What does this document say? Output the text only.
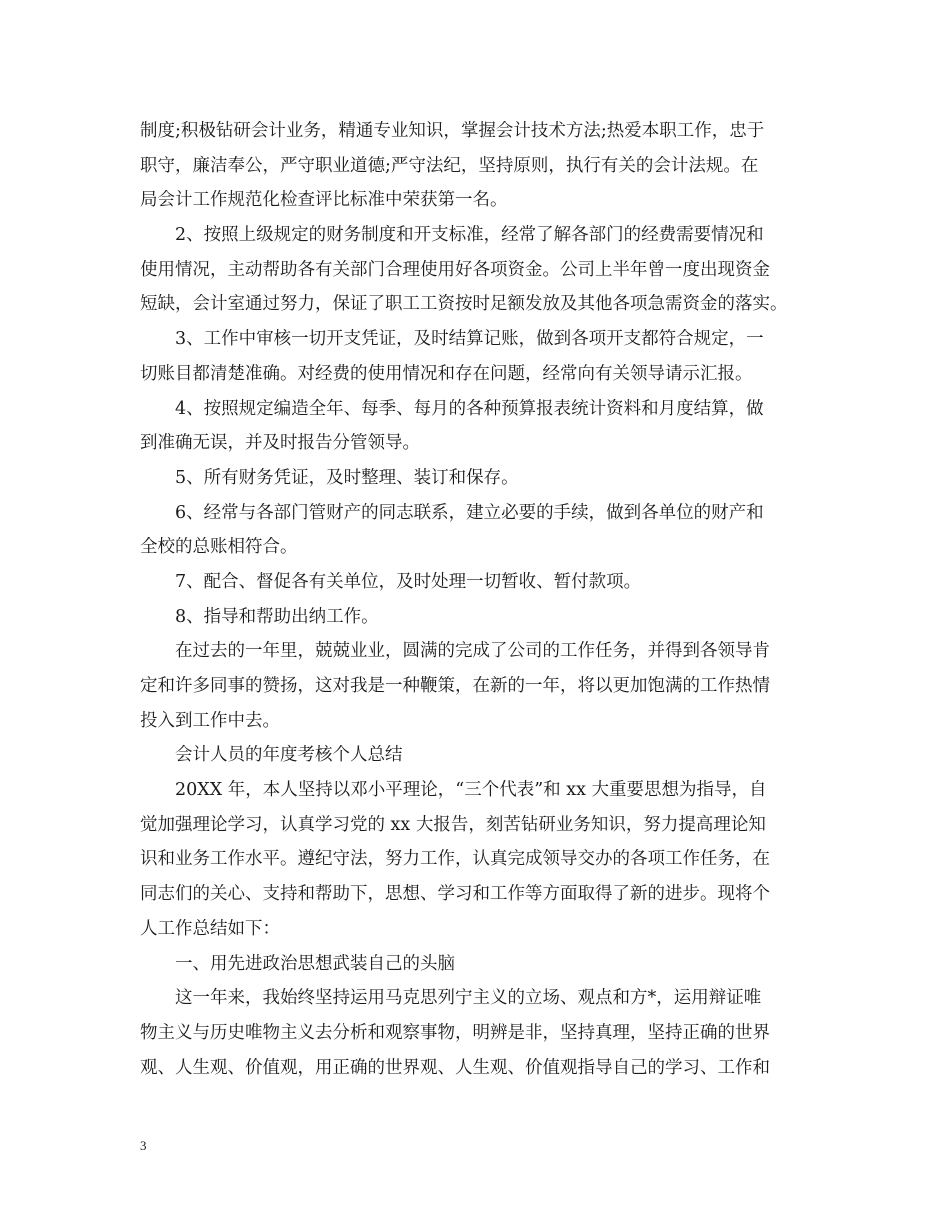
制度;积极钻研会计业务，精通专业知识，掌握会计技术方法;热爱本职工作，忠于

职守，廉洁奉公，严守职业道德;严守法纪，坚持原则，执行有关的会计法规。在

局会计工作规范化检查评比标准中荣获第一名。

2、按照上级规定的财务制度和开支标准，经常了解各部门的经费需要情况和

使用情况，主动帮助各有关部门合理使用好各项资金。公司上半年曾一度出现资金

短缺，会计室通过努力，保证了职工工资按时足额发放及其他各项急需资金的落实。

3、工作中审核一切开支凭证，及时结算记账，做到各项开支都符合规定，一

切账目都清楚准确。对经费的使用情况和存在问题，经常向有关领导请示汇报。

4、按照规定编造全年、每季、每月的各种预算报表统计资料和月度结算，做

到准确无误，并及时报告分管领导。

5、所有财务凭证，及时整理、装订和保存。

6、经常与各部门管财产的同志联系，建立必要的手续，做到各单位的财产和

全校的总账相符合。

7、配合、督促各有关单位，及时处理一切暂收、暂付款项。

8、指导和帮助出纳工作。

在过去的一年里，兢兢业业，圆满的完成了公司的工作任务，并得到各领导肯

定和许多同事的赞扬，这对我是一种鞭策，在新的一年，将以更加饱满的工作热情

投入到工作中去。

会计人员的年度考核个人总结

20XX 年，本人坚持以邓小平理论，“三个代表”和 xx 大重要思想为指导，自

觉加强理论学习，认真学习党的 xx 大报告，刻苦钻研业务知识，努力提高理论知

识和业务工作水平。遵纪守法，努力工作，认真完成领导交办的各项工作任务，在

同志们的关心、支持和帮助下，思想、学习和工作等方面取得了新的进步。现将个

人工作总结如下：

一、用先进政治思想武装自己的头脑

这一年来，我始终坚持运用马克思列宁主义的立场、观点和方*，运用辩证唯

物主义与历史唯物主义去分析和观察事物，明辨是非，坚持真理，坚持正确的世界

观、人生观、价值观，用正确的世界观、人生观、价值观指导自己的学习、工作和

3
